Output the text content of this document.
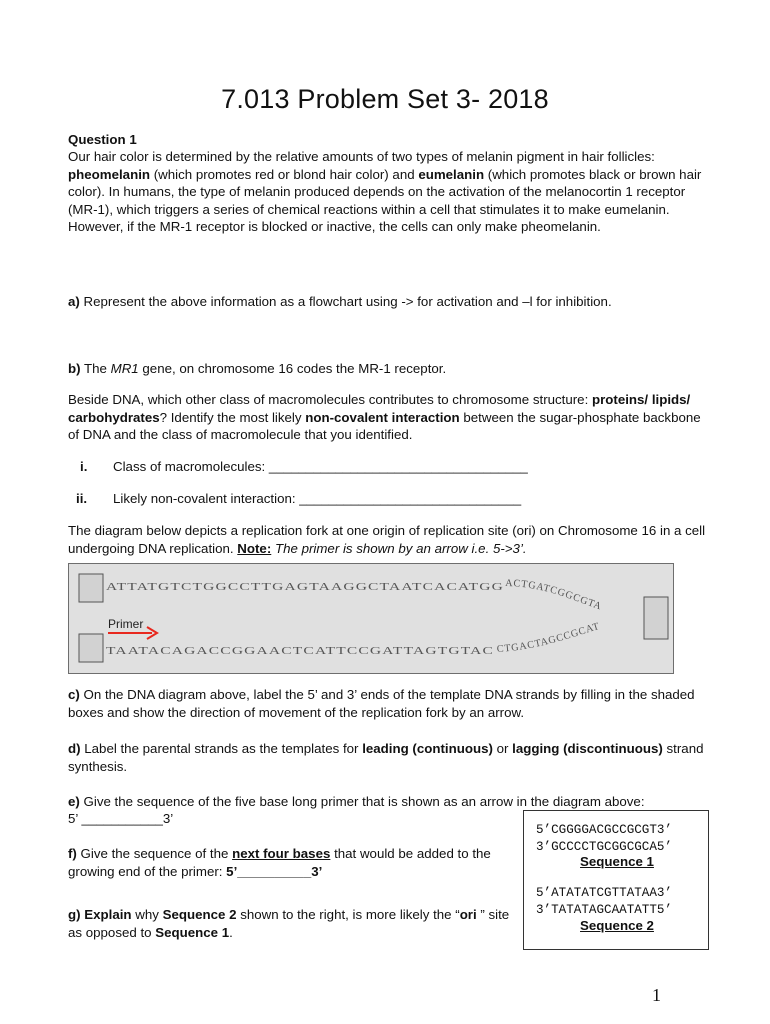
7.013 Problem Set 3- 2018
Question 1
Our hair color is determined by the relative amounts of two types of melanin pigment in hair follicles: pheomelanin (which promotes red or blond hair color) and eumelanin (which promotes black or brown hair color). In humans, the type of melanin produced depends on the activation of the melanocortin 1 receptor (MR-1), which triggers a series of chemical reactions within a cell that stimulates it to make eumelanin. However, if the MR-1 receptor is blocked or inactive, the cells can only make pheomelanin.
a) Represent the above information as a flowchart using -> for activation and –l for inhibition.
b) The MR1 gene, on chromosome 16 codes the MR-1 receptor.
Beside DNA, which other class of macromolecules contributes to chromosome structure: proteins/ lipids/ carbohydrates? Identify the most likely non-covalent interaction between the sugar-phosphate backbone of DNA and the class of macromolecule that you identified.
i. Class of macromolecules: ___________________________________
ii. Likely non-covalent interaction: ______________________________
The diagram below depicts a replication fork at one origin of replication site (ori) on Chromosome 16 in a cell undergoing DNA replication. Note: The primer is shown by an arrow i.e. 5->3’.
ATTATGTCTGGCCTTGAGTAAGGCTAATCACATGG ACTGATCGGCGTA
TAATACAGACCGGAACTCATTCCGATTAGTGTAC CTGACTAGCCGCAT
Primer
c) On the DNA diagram above, label the 5’ and 3’ ends of the template DNA strands by filling in the shaded boxes and show the direction of movement of the replication fork by an arrow.
d) Label the parental strands as the templates for leading (continuous) or lagging (discontinuous) strand synthesis.
e) Give the sequence of the five base long primer that is shown as an arrow in the diagram above:
5’ ___________3’
f) Give the sequence of the next four bases that would be added to the growing end of the primer: 5’__________3’
g) Explain why Sequence 2 shown to the right, is more likely the “ori ” site as opposed to Sequence 1.
5’CGGGGACGCCGCGT3’
3’GCCCCTGCGGCGCA5’
Sequence 1
5’ATATATCGTTATAA3’
3’TATATAGCAATATT5’
Sequence 2
1
